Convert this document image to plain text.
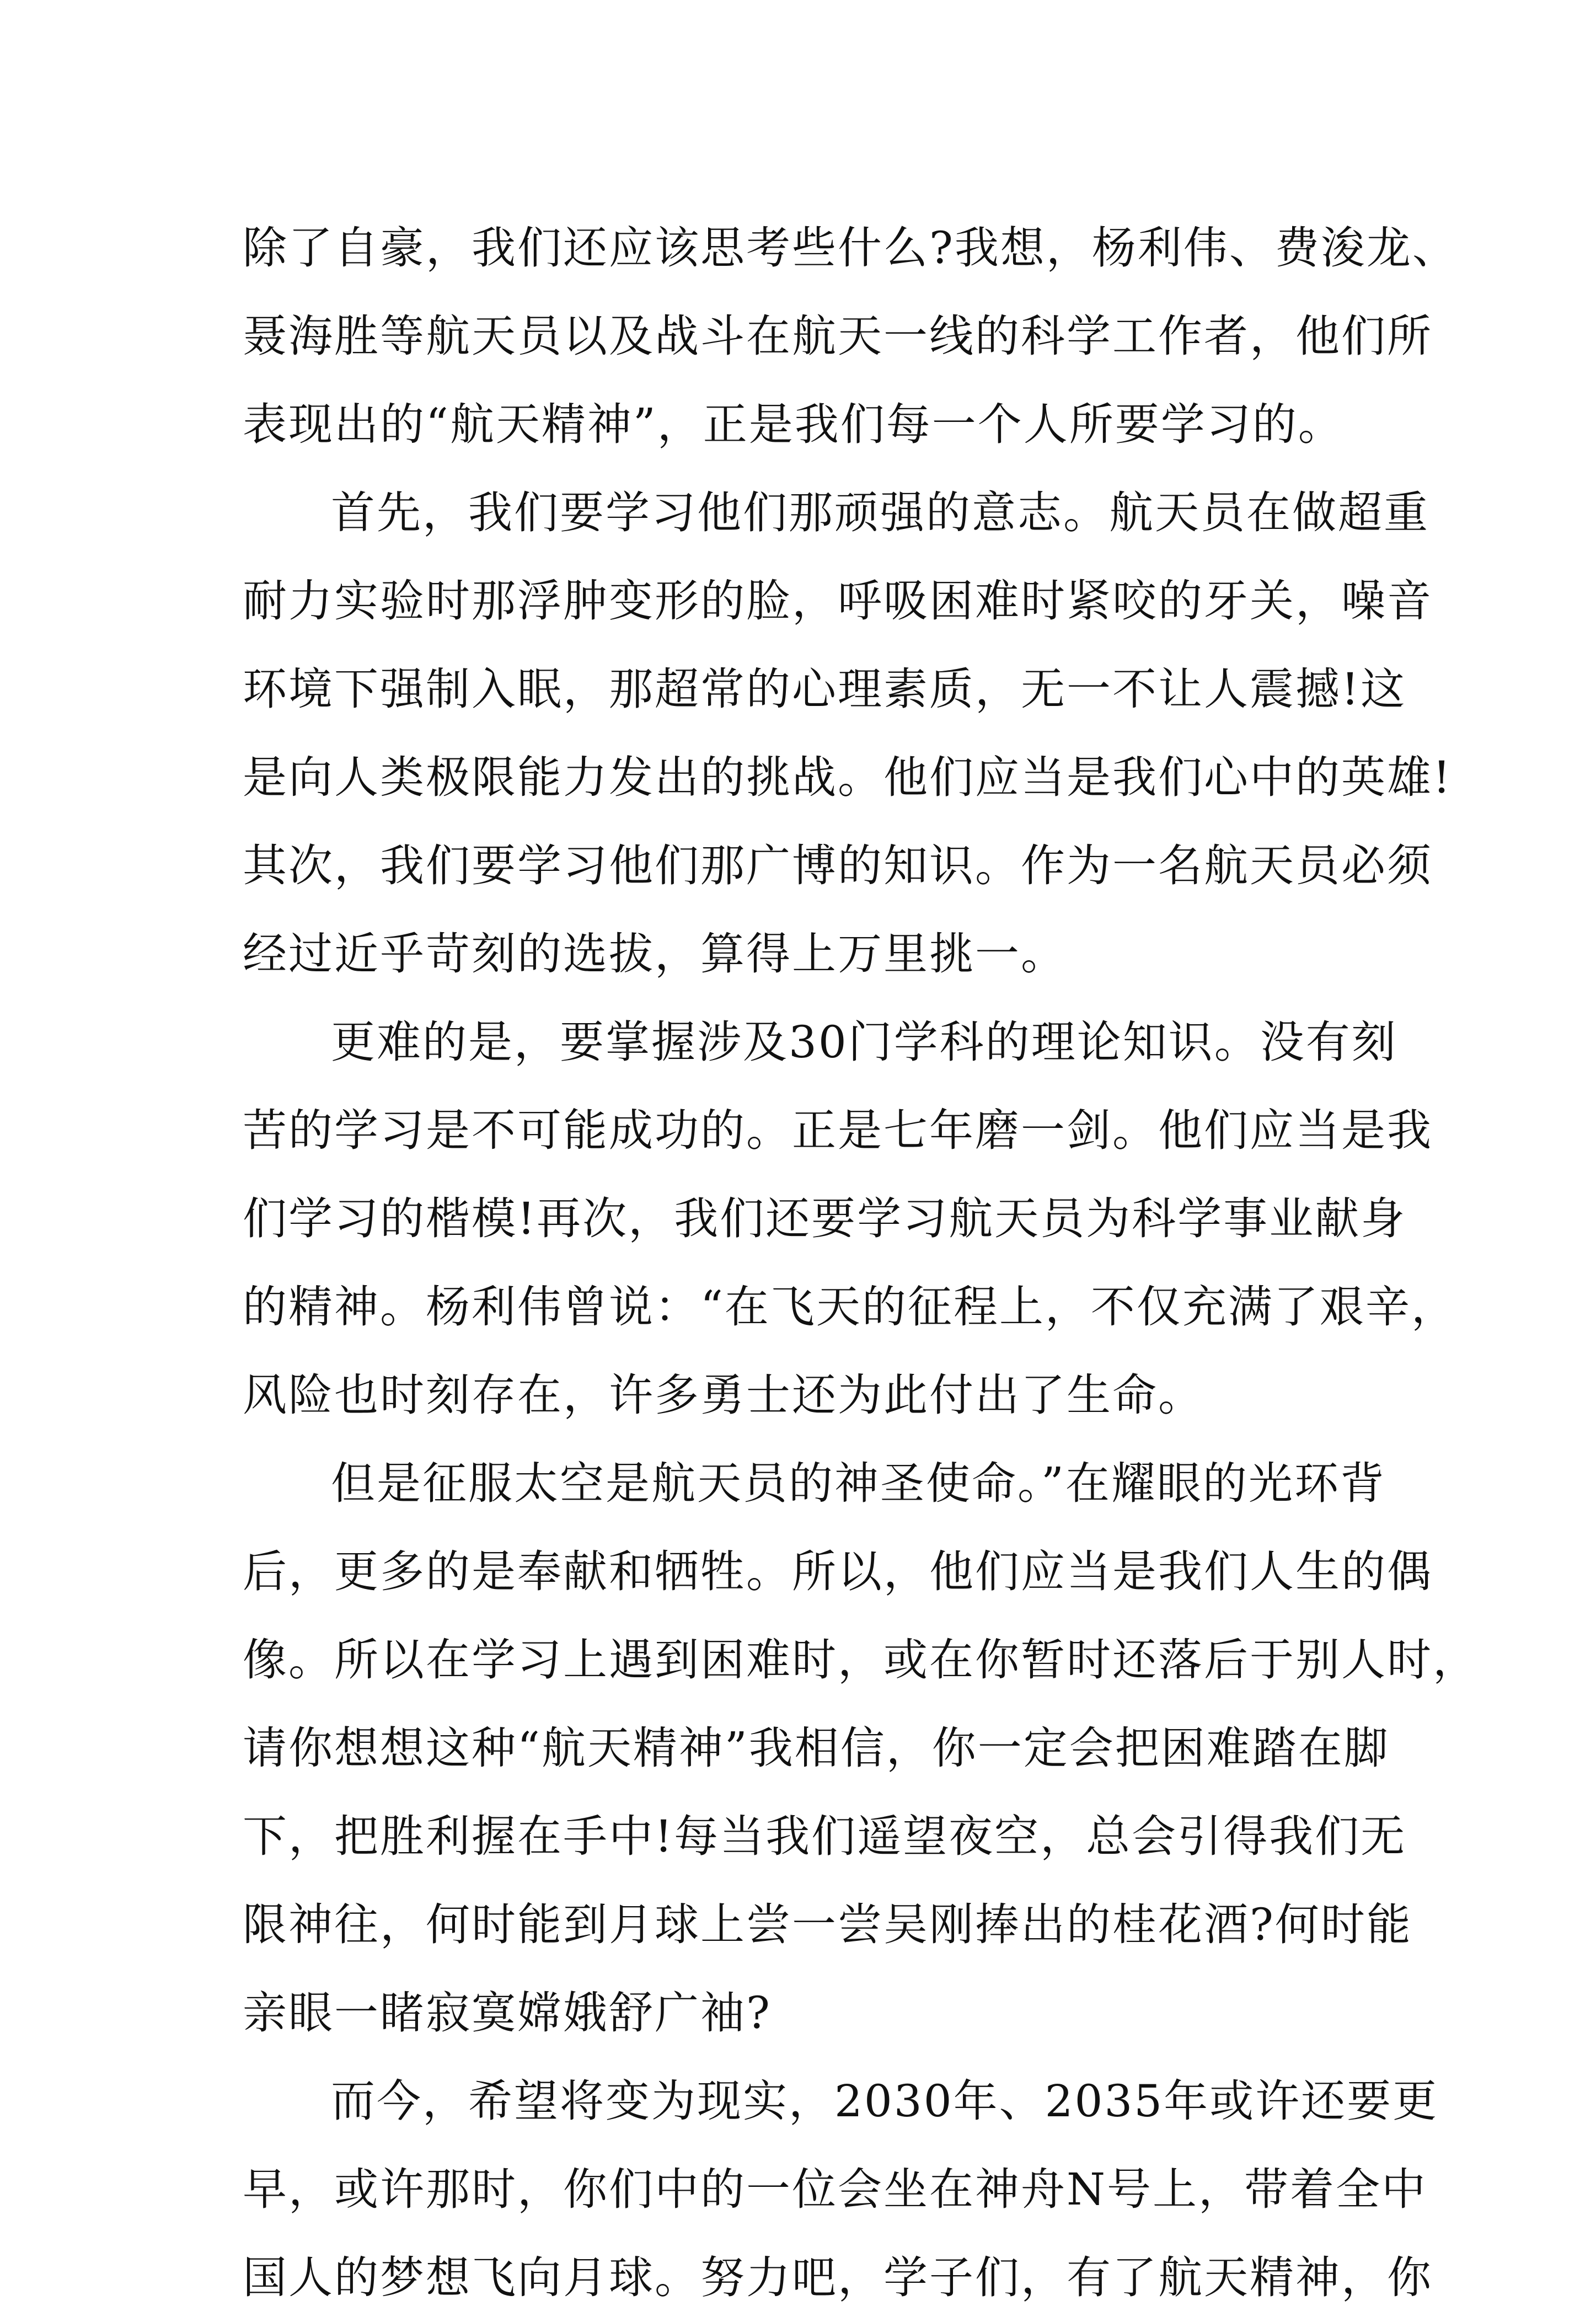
除了自豪，我们还应该思考些什么?我想，杨利伟、费浚龙、
聂海胜等航天员以及战斗在航天一线的科学工作者，他们所
表现出的“航天精神”，正是我们每一个人所要学习的。
首先，我们要学习他们那顽强的意志。航天员在做超重
耐力实验时那浮肿变形的脸，呼吸困难时紧咬的牙关，噪音
环境下强制入眠，那超常的心理素质，无一不让人震撼!这
是向人类极限能力发出的挑战。他们应当是我们心中的英雄!
其次，我们要学习他们那广博的知识。作为一名航天员必须
经过近乎苛刻的选拔，算得上万里挑一。
更难的是，要掌握涉及30门学科的理论知识。没有刻
苦的学习是不可能成功的。正是七年磨一剑。他们应当是我
们学习的楷模!再次，我们还要学习航天员为科学事业献身
的精神。杨利伟曾说：“在飞天的征程上，不仅充满了艰辛，
风险也时刻存在，许多勇士还为此付出了生命。
但是征服太空是航天员的神圣使命。”在耀眼的光环背
后，更多的是奉献和牺牲。所以，他们应当是我们人生的偶
像。所以在学习上遇到困难时，或在你暂时还落后于别人时，
请你想想这种“航天精神”我相信，你一定会把困难踏在脚
下，把胜利握在手中!每当我们遥望夜空，总会引得我们无
限神往，何时能到月球上尝一尝吴刚捧出的桂花酒?何时能
亲眼一睹寂寞嫦娥舒广袖?
而今，希望将变为现实，2030年、2035年或许还要更
早，或许那时，你们中的一位会坐在神舟N号上，带着全中
国人的梦想飞向月球。努力吧，学子们，有了航天精神，你
